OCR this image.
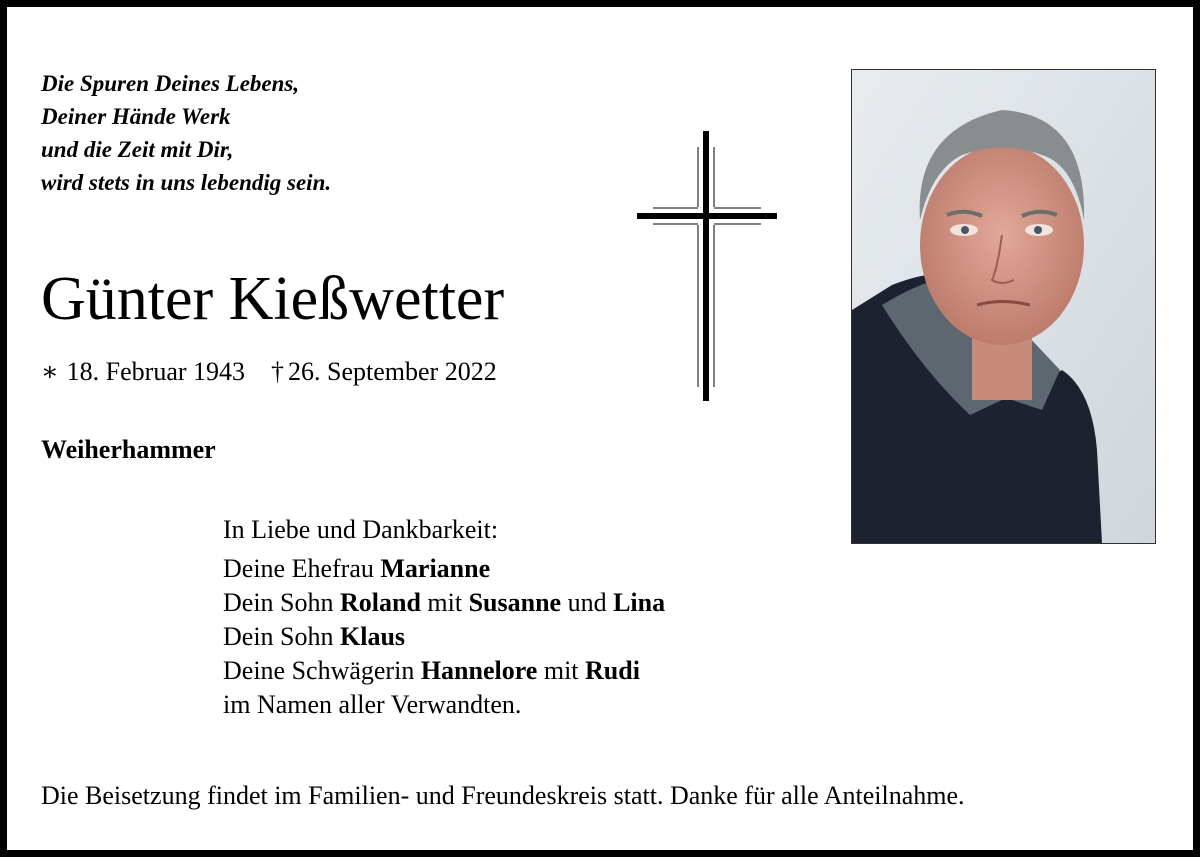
Die Spuren Deines Lebens,
Deiner Hände Werk
und die Zeit mit Dir,
wird stets in uns lebendig sein.
Günter Kießwetter
∗ 18. Februar 1943 † 26. September 2022
Weiherhammer
In Liebe und Dankbarkeit:
Deine Ehefrau Marianne
Dein Sohn Roland mit Susanne und Lina
Dein Sohn Klaus
Deine Schwägerin Hannelore mit Rudi
im Namen aller Verwandten.
Die Beisetzung findet im Familien- und Freundeskreis statt. Danke für alle Anteilnahme.
